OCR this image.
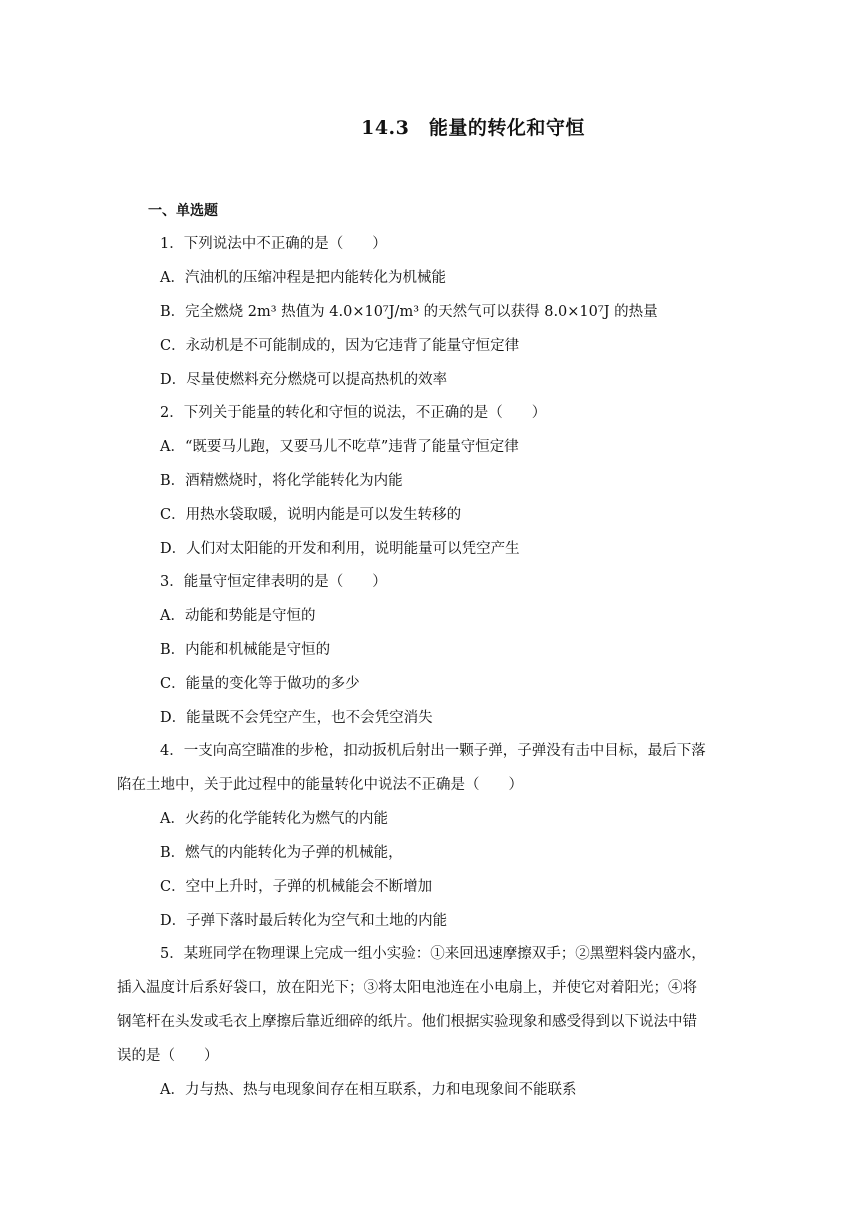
14.3　能量的转化和守恒
一、单选题
1．下列说法中不正确的是（　　）
A．汽油机的压缩冲程是把内能转化为机械能
B．完全燃烧 2m³ 热值为 4.0×10⁷J/m³ 的天然气可以获得 8.0×10⁷J 的热量
C．永动机是不可能制成的，因为它违背了能量守恒定律
D．尽量使燃料充分燃烧可以提高热机的效率
2．下列关于能量的转化和守恒的说法，不正确的是（　　）
A．“既要马儿跑，又要马儿不吃草”违背了能量守恒定律
B．酒精燃烧时，将化学能转化为内能
C．用热水袋取暖，说明内能是可以发生转移的
D．人们对太阳能的开发和利用，说明能量可以凭空产生
3．能量守恒定律表明的是（　　）
A．动能和势能是守恒的
B．内能和机械能是守恒的
C．能量的变化等于做功的多少
D．能量既不会凭空产生，也不会凭空消失
4．一支向高空瞄准的步枪，扣动扳机后射出一颗子弹，子弹没有击中目标，最后下落
陷在土地中，关于此过程中的能量转化中说法不正确是（　　）
A．火药的化学能转化为燃气的内能
B．燃气的内能转化为子弹的机械能，
C．空中上升时，子弹的机械能会不断增加
D．子弹下落时最后转化为空气和土地的内能
5．某班同学在物理课上完成一组小实验：①来回迅速摩擦双手；②黑塑料袋内盛水，
插入温度计后系好袋口，放在阳光下；③将太阳电池连在小电扇上，并使它对着阳光；④将
钢笔杆在头发或毛衣上摩擦后靠近细碎的纸片。他们根据实验现象和感受得到以下说法中错
误的是（　　）
A．力与热、热与电现象间存在相互联系，力和电现象间不能联系
